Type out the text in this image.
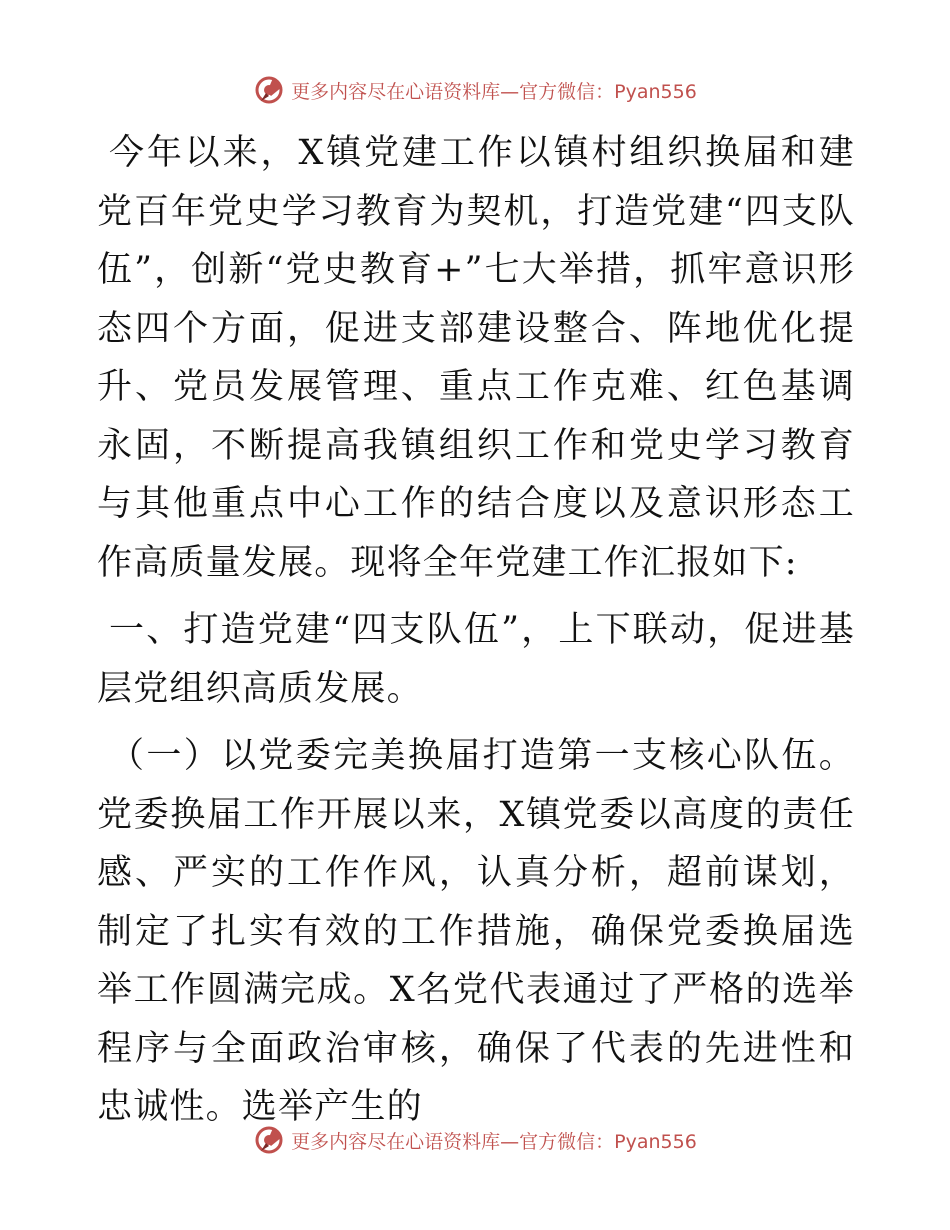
更多内容尽在心语资料库—官方微信：Pyan556

今年以来，X镇党建工作以镇村组织换届和建党百年党史学习教育为契机，打造党建“四支队伍”，创新“党史教育+”七大举措，抓牢意识形态四个方面，促进支部建设整合、阵地优化提升、党员发展管理、重点工作克难、红色基调永固，不断提高我镇组织工作和党史学习教育与其他重点中心工作的结合度以及意识形态工作高质量发展。现将全年党建工作汇报如下:

一、打造党建“四支队伍”，上下联动，促进基层党组织高质发展。

（一）以党委完美换届打造第一支核心队伍。党委换届工作开展以来，X镇党委以高度的责任感、严实的工作作风，认真分析，超前谋划，制定了扎实有效的工作措施，确保党委换届选举工作圆满完成。X名党代表通过了严格的选举程序与全面政治审核，确保了代表的先进性和忠诚性。选举产生的

更多内容尽在心语资料库—官方微信：Pyan556
